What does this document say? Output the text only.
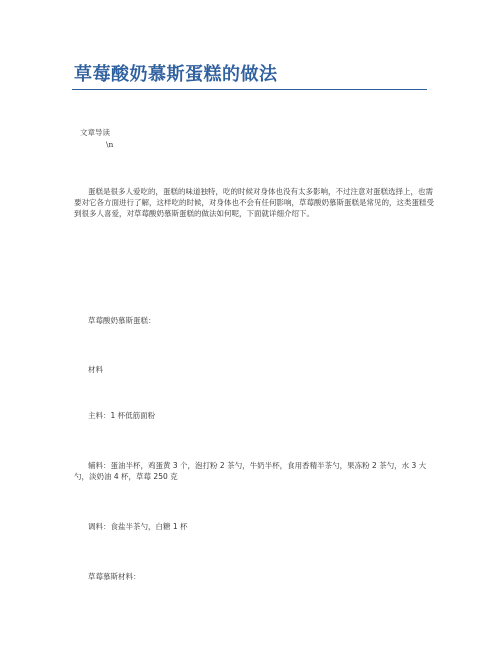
草莓酸奶慕斯蛋糕的做法
文章导读
\n
蛋糕是很多人爱吃的，蛋糕的味道独特，吃的时候对身体也没有太多影响，不过注意对蛋糕选择上，也需要对它各方面进行了解，这样吃的时候，对身体也不会有任何影响，草莓酸奶慕斯蛋糕是常见的，这类蛋糕受到很多人喜爱，对草莓酸奶慕斯蛋糕的做法如何呢，下面就详细介绍下。
草莓酸奶慕斯蛋糕：
材料
主料：1 杯低筋面粉
辅料：蛋油半杯，鸡蛋黄 3 个，泡打粉 2 茶勺，牛奶半杯，食用香精半茶勺，果冻粉 2 茶勺，水 3 大勺，淡奶油 4 杯，草莓 250 克
调料：食盐半茶勺，白糖 1 杯
草莓慕斯材料：
